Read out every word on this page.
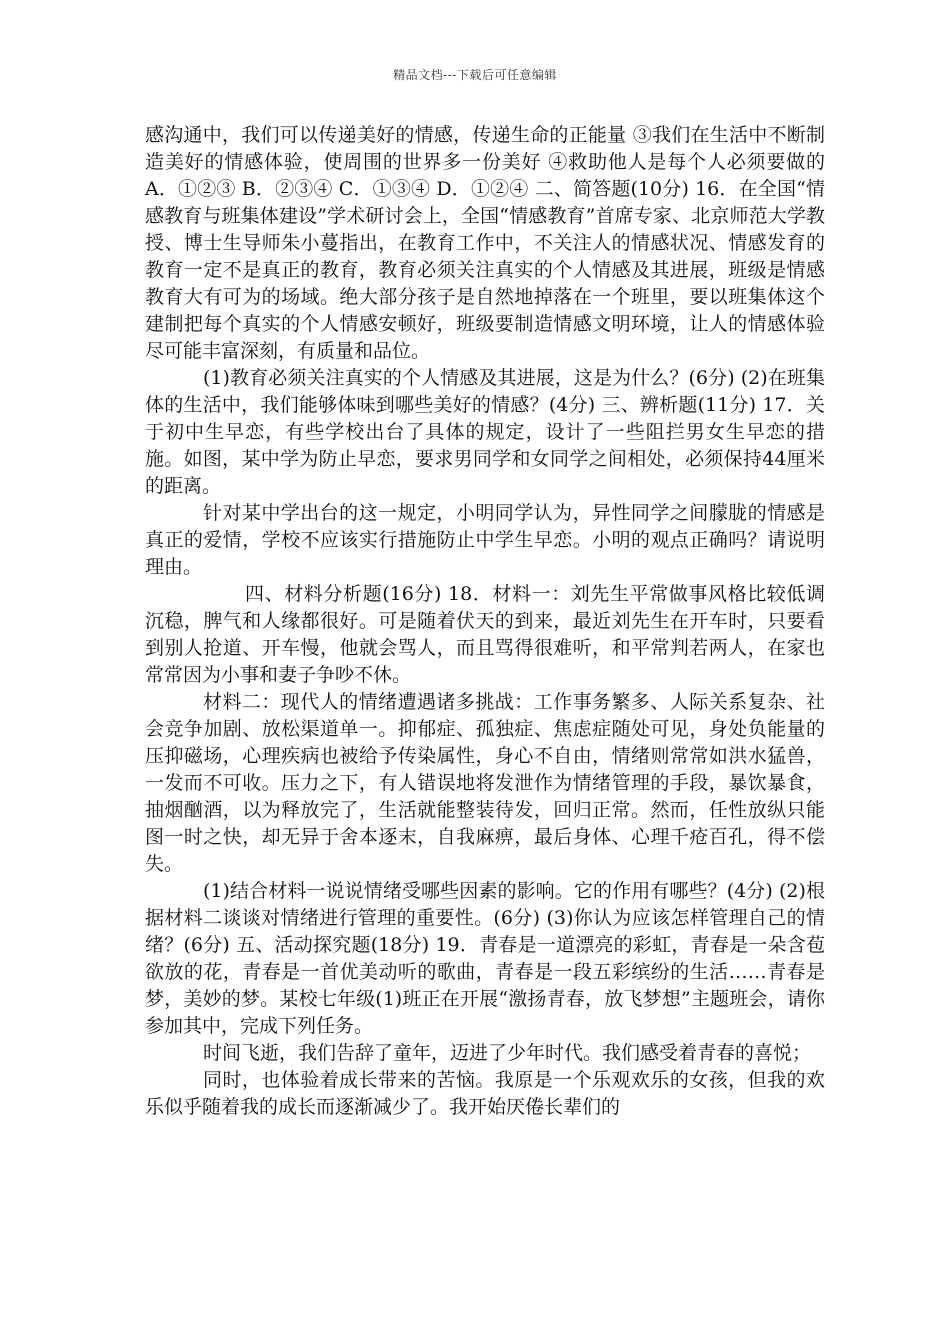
精品文档---下载后可任意编辑

感沟通中，我们可以传递美好的情感，传递生命的正能量 ③我们在生活中不断制造美好的情感体验，使周围的世界多一份美好 ④救助他人是每个人必须要做的 A．①②③ B．②③④ C．①③④ D．①②④ 二、简答题(10分) 16．在全国“情感教育与班集体建设”学术研讨会上，全国“情感教育”首席专家、北京师范大学教授、博士生导师朱小蔓指出，在教育工作中，不关注人的情感状况、情感发育的教育一定不是真正的教育，教育必须关注真实的个人情感及其进展，班级是情感教育大有可为的场域。绝大部分孩子是自然地掉落在一个班里，要以班集体这个建制把每个真实的个人情感安顿好，班级要制造情感文明环境，让人的情感体验尽可能丰富深刻，有质量和品位。

(1)教育必须关注真实的个人情感及其进展，这是为什么？(6分) (2)在班集体的生活中，我们能够体味到哪些美好的情感？(4分) 三、辨析题(11分) 17．关于初中生早恋，有些学校出台了具体的规定，设计了一些阻拦男女生早恋的措施。如图，某中学为防止早恋，要求男同学和女同学之间相处，必须保持44厘米的距离。

针对某中学出台的这一规定，小明同学认为，异性同学之间朦胧的情感是真正的爱情，学校不应该实行措施防止中学生早恋。小明的观点正确吗？请说明理由。

四、材料分析题(16分) 18．材料一：刘先生平常做事风格比较低调沉稳，脾气和人缘都很好。可是随着伏天的到来，最近刘先生在开车时，只要看到别人抢道、开车慢，他就会骂人，而且骂得很难听，和平常判若两人，在家也常常因为小事和妻子争吵不休。

材料二：现代人的情绪遭遇诸多挑战：工作事务繁多、人际关系复杂、社会竞争加剧、放松渠道单一。抑郁症、孤独症、焦虑症随处可见，身处负能量的压抑磁场，心理疾病也被给予传染属性，身心不自由，情绪则常常如洪水猛兽，一发而不可收。压力之下，有人错误地将发泄作为情绪管理的手段，暴饮暴食，抽烟酗酒，以为释放完了，生活就能整装待发，回归正常。然而，任性放纵只能图一时之快，却无异于舍本逐末，自我麻痹，最后身体、心理千疮百孔，得不偿失。

(1)结合材料一说说情绪受哪些因素的影响。它的作用有哪些？(4分) (2)根据材料二谈谈对情绪进行管理的重要性。(6分) (3)你认为应该怎样管理自己的情绪？(6分) 五、活动探究题(18分) 19．青春是一道漂亮的彩虹，青春是一朵含苞欲放的花，青春是一首优美动听的歌曲，青春是一段五彩缤纷的生活……青春是梦，美妙的梦。某校七年级(1)班正在开展“激扬青春，放飞梦想”主题班会，请你参加其中，完成下列任务。

时间飞逝，我们告辞了童年，迈进了少年时代。我们感受着青春的喜悦；

同时，也体验着成长带来的苦恼。我原是一个乐观欢乐的女孩，但我的欢乐似乎随着我的成长而逐渐减少了。我开始厌倦长辈们的
